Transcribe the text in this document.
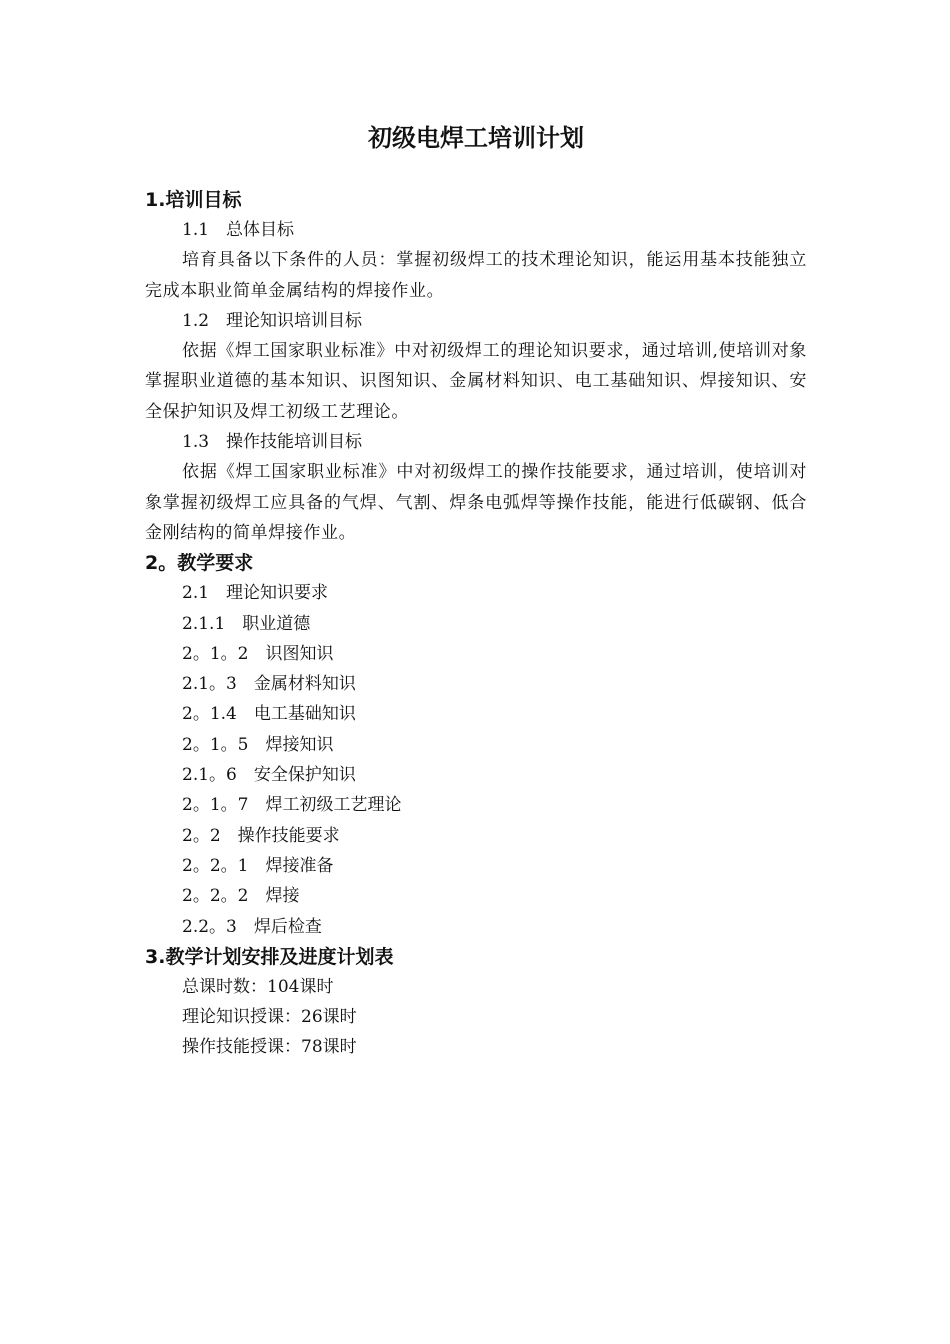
初级电焊工培训计划
1.培训目标

1.1　总体目标

培育具备以下条件的人员：掌握初级焊工的技术理论知识，能运用基本技能独立完成本职业简单金属结构的焊接作业。

1.2　理论知识培训目标

依据《焊工国家职业标准》中对初级焊工的理论知识要求，通过培训,使培训对象掌握职业道德的基本知识、识图知识、金属材料知识、电工基础知识、焊接知识、安全保护知识及焊工初级工艺理论。

1.3　操作技能培训目标

依据《焊工国家职业标准》中对初级焊工的操作技能要求，通过培训，使培训对象掌握初级焊工应具备的气焊、气割、焊条电弧焊等操作技能，能进行低碳钢、低合金刚结构的简单焊接作业。

2。教学要求

2.1　理论知识要求

2.1.1　职业道德

2。1。2　识图知识

2.1。3　金属材料知识

2。1.4　电工基础知识

2。1。5　焊接知识

2.1。6　安全保护知识

2。1。7　焊工初级工艺理论

2。2　操作技能要求

2。2。1　焊接准备

2。2。2　焊接

2.2。3　焊后检查

3.教学计划安排及进度计划表

总课时数：104课时

理论知识授课：26课时

操作技能授课：78课时
